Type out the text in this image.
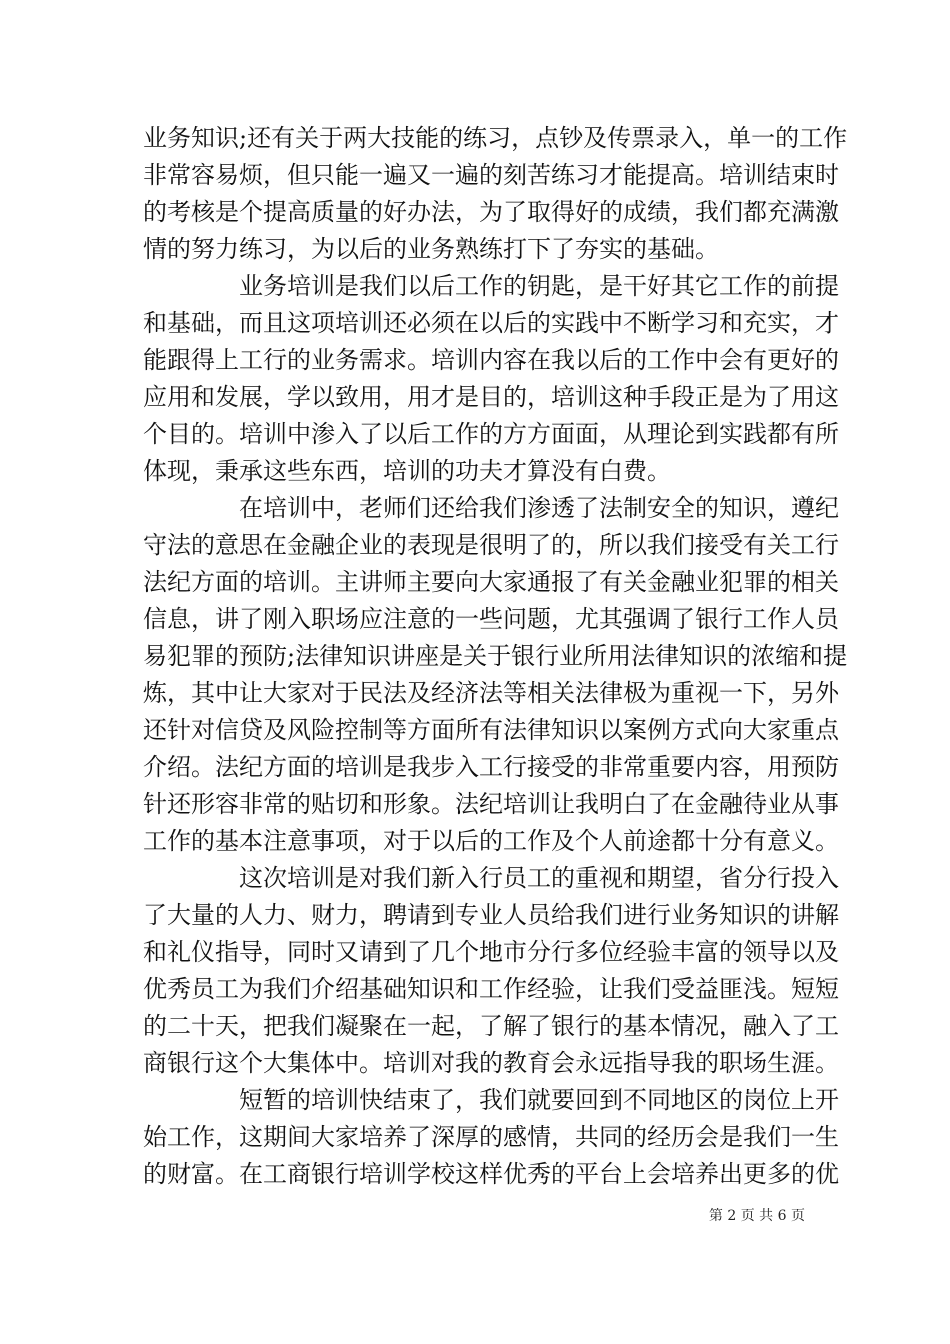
业务知识;还有关于两大技能的练习，点钞及传票录入，单一的工作

非常容易烦，但只能一遍又一遍的刻苦练习才能提高。培训结束时

的考核是个提高质量的好办法，为了取得好的成绩，我们都充满激

情的努力练习，为以后的业务熟练打下了夯实的基础。

业务培训是我们以后工作的钥匙，是干好其它工作的前提

和基础，而且这项培训还必须在以后的实践中不断学习和充实，才

能跟得上工行的业务需求。培训内容在我以后的工作中会有更好的

应用和发展，学以致用，用才是目的，培训这种手段正是为了用这

个目的。培训中渗入了以后工作的方方面面，从理论到实践都有所

体现，秉承这些东西，培训的功夫才算没有白费。

在培训中，老师们还给我们渗透了法制安全的知识，遵纪

守法的意思在金融企业的表现是很明了的，所以我们接受有关工行

法纪方面的培训。主讲师主要向大家通报了有关金融业犯罪的相关

信息，讲了刚入职场应注意的一些问题，尤其强调了银行工作人员

易犯罪的预防;法律知识讲座是关于银行业所用法律知识的浓缩和提

炼，其中让大家对于民法及经济法等相关法律极为重视一下，另外

还针对信贷及风险控制等方面所有法律知识以案例方式向大家重点

介绍。法纪方面的培训是我步入工行接受的非常重要内容，用预防

针还形容非常的贴切和形象。法纪培训让我明白了在金融待业从事

工作的基本注意事项，对于以后的工作及个人前途都十分有意义。

这次培训是对我们新入行员工的重视和期望，省分行投入

了大量的人力、财力，聘请到专业人员给我们进行业务知识的讲解

和礼仪指导，同时又请到了几个地市分行多位经验丰富的领导以及

优秀员工为我们介绍基础知识和工作经验，让我们受益匪浅。短短

的二十天，把我们凝聚在一起，了解了银行的基本情况，融入了工

商银行这个大集体中。培训对我的教育会永远指导我的职场生涯。

短暂的培训快结束了，我们就要回到不同地区的岗位上开

始工作，这期间大家培养了深厚的感情，共同的经历会是我们一生

的财富。在工商银行培训学校这样优秀的平台上会培养出更多的优

第 2 页 共 6 页
